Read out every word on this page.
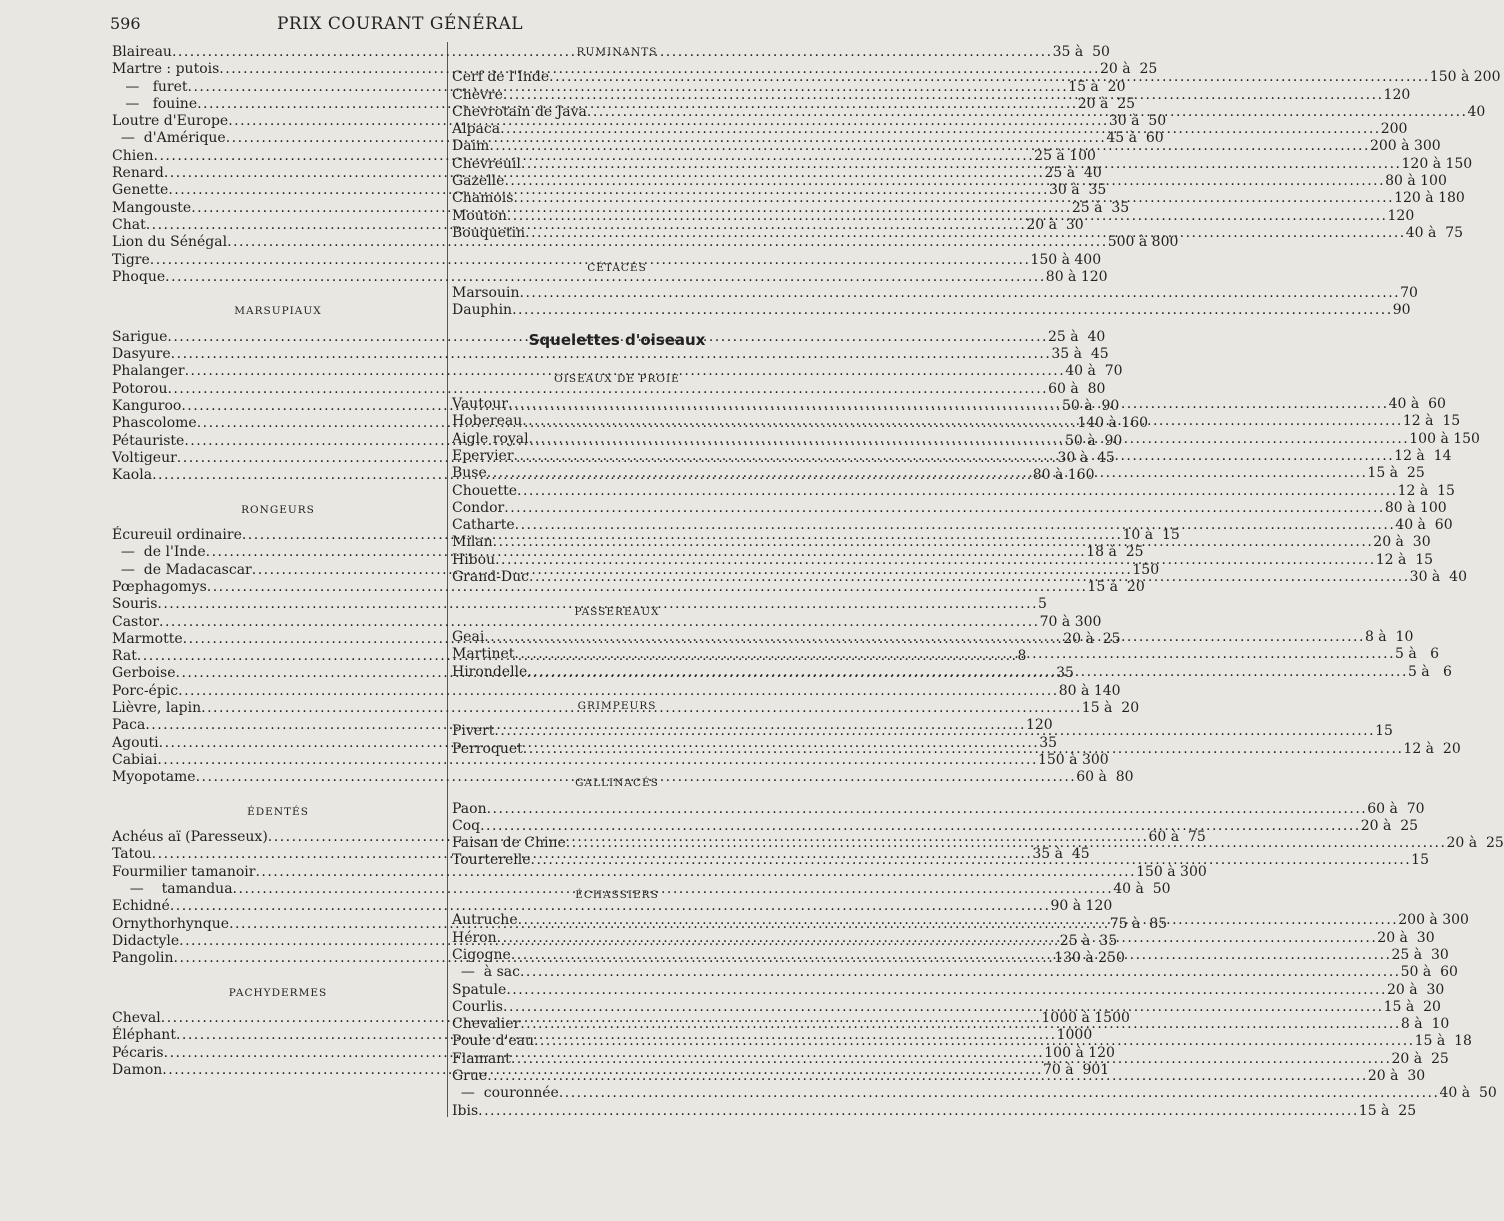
596	PRIX COURANT GÉNÉRAL
Blaireau .....	35 à  50
Martre : putois .....	20 à  25
—   furet .....	15 à  20
—   fouine .....	20 à  25
Loutre d'Europe .....	30 à  50
—  d'Amérique .....	45 à  60
Chien .....	25 à 100
Renard .....	25 à  40
Genette .....	30 à  35
Mangouste .....	25 à  35
Chat .....	20 à  30
Lion du Sénégal .....	500 à 800
Tigre .....	150 à 400
Phoque .....	80 à 120
MARSUPIAUX
Sarigue .....	25 à  40
Dasyure .....	35 à  45
Phalanger .....	40 à  70
Potorou .....	60 à  80
Kanguroo .....	50 à  90
Phascolome .....	140 à 160
Pétauriste .....	50 à  90
Voltigeur .....	30 à  45
Kaola .....	80 à 160
RONGEURS
Écureuil ordinaire .....	10 à  15
—  de l'Inde .....	18 à  25
—  de Madacascar .....	150
Pœphagomys .....	15 à  20
Souris .....	5
Castor .....	70 à 300
Marmotte .....	20 à  25
Rat .....	8
Gerboise .....	35
Porc-épic .....	80 à 140
Lièvre, lapin .....	15 à  20
Paca .....	120
Agouti .....	35
Cabiai .....	150 à 300
Myopotame .....	60 à  80
ÉDENTÉS
Achéus aï (Paresseux) .....	60 à  75
Tatou .....	35 à  45
Fourmilier tamanoir .....	150 à 300
—    tamandua .....	40 à  50
Echidné .....	90 à 120
Ornythorhynque .....	75 à  85
Didactyle .....	25 à  35
Pangolin .....	130 à 250
PACHYDERMES
Cheval .....	1000 à 1500
Éléphant .....	1000
Pécaris .....	100 à 120
Damon .....	70 à  901
RUMINANTS
Cerf de l'Inde .....	150 à 200
Chèvre .....	120
Chevrotain de Java .....	40
Alpaca .....	200
Daim .....	200 à 300
Chevreuil .....	120 à 150
Gazelle .....	80 à 100
Chamois .....	120 à 180
Mouton .....	120
Bouquetin .....	40 à  75
CÉTACÉS
Marsouin .....	70
Dauphin .....	90
Squelettes d'oiseaux
OISEAUX DE PROIE
Vautour .....	40 à  60
Hobereau .....	12 à  15
Aigle royal .....	100 à 150
Epervier .....	12 à  14
Buse .....	15 à  25
Chouette .....	12 à  15
Condor .....	80 à 100
Catharte .....	40 à  60
Milan .....	20 à  30
Hibou .....	12 à  15
Grand-Duc .....	30 à  40
PASSEREAUX
Geai .....	8 à  10
Martinet .....	5 à   6
Hirondelle .....	5 à   6
GRIMPEURS
Pivert .....	15
Perroquet .....	12 à  20
GALLINACÉS
Paon .....	60 à  70
Coq .....	20 à  25
Faisan de Chine .....	20 à  25
Tourterelle .....	15
ÉCHASSIERS
Autruche .....	200 à 300
Héron .....	20 à  30
Cigogne .....	25 à  30
—  à sac .....	50 à  60
Spatule .....	20 à  30
Courlis .....	15 à  20
Chevalier .....	8 à  10
Poule d'eau .....	15 à  18
Flamant .....	20 à  25
Grue .....	20 à  30
—  couronnée .....	40 à  50
Ibis .....	15 à  25
